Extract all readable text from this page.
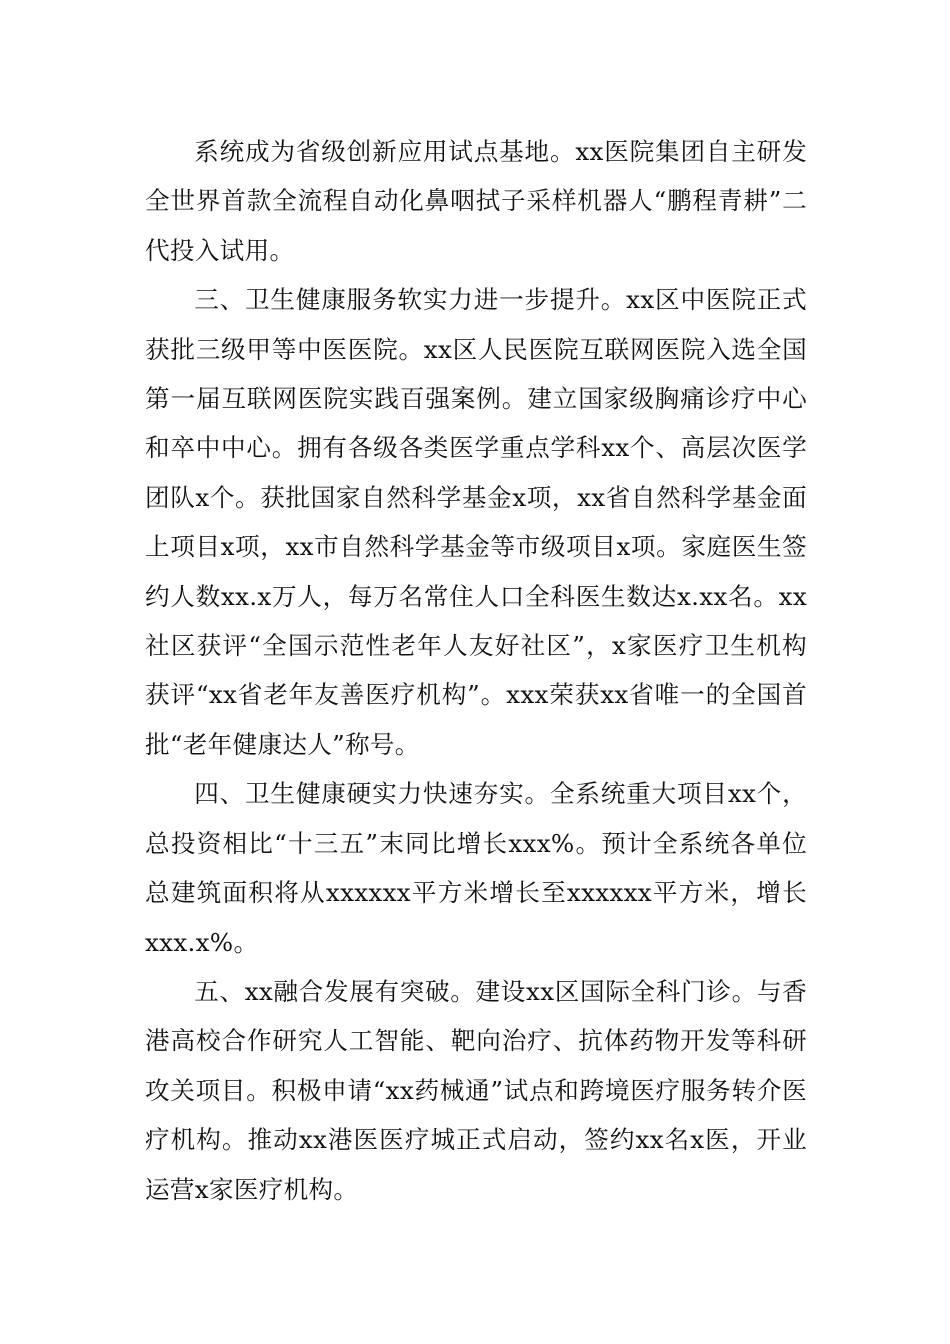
系统成为省级创新应用试点基地。xx医院集团自主研发全世界首款全流程自动化鼻咽拭子采样机器人“鹏程青耕”二代投入试用。

三、卫生健康服务软实力进一步提升。xx区中医院正式获批三级甲等中医医院。xx区人民医院互联网医院入选全国第一届互联网医院实践百强案例。建立国家级胸痛诊疗中心和卒中中心。拥有各级各类医学重点学科xx个、高层次医学团队x个。获批国家自然科学基金x项，xx省自然科学基金面上项目x项，xx市自然科学基金等市级项目x项。家庭医生签约人数xx.x万人，每万名常住人口全科医生数达x.xx名。xx社区获评“全国示范性老年人友好社区”，x家医疗卫生机构获评“xx省老年友善医疗机构”。xxx荣获xx省唯一的全国首批“老年健康达人”称号。

四、卫生健康硬实力快速夯实。全系统重大项目xx个，总投资相比“十三五”末同比增长xxx%。预计全系统各单位总建筑面积将从xxxxxx平方米增长至xxxxxx平方米，增长xxx.x%。

五、xx融合发展有突破。建设xx区国际全科门诊。与香港高校合作研究人工智能、靶向治疗、抗体药物开发等科研攻关项目。积极申请“xx药械通”试点和跨境医疗服务转介医疗机构。推动xx港医医疗城正式启动，签约xx名x医，开业运营x家医疗机构。
